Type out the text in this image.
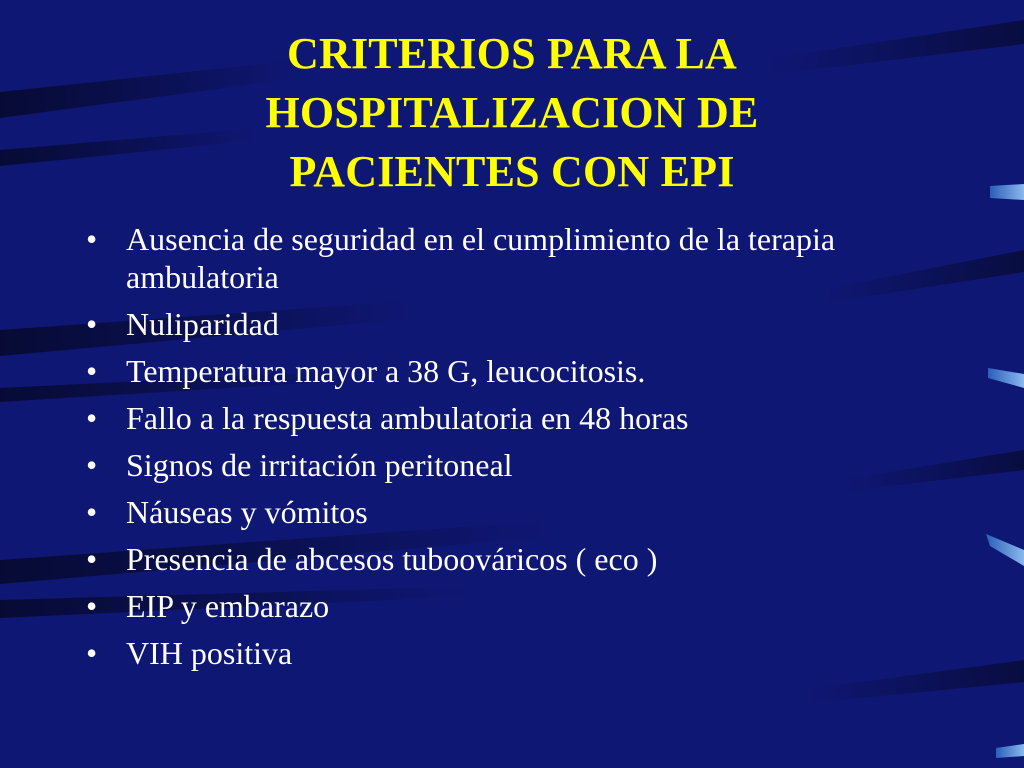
CRITERIOS PARA LA
HOSPITALIZACION DE
PACIENTES CON EPI
• Ausencia de seguridad en el cumplimiento de la terapia ambulatoria
• Nuliparidad
• Temperatura mayor a 38 G, leucocitosis.
• Fallo a la respuesta ambulatoria en 48 horas
• Signos de irritación peritoneal
• Náuseas y vómitos
• Presencia de abcesos tuboováricos ( eco )
• EIP y embarazo
• VIH positiva
